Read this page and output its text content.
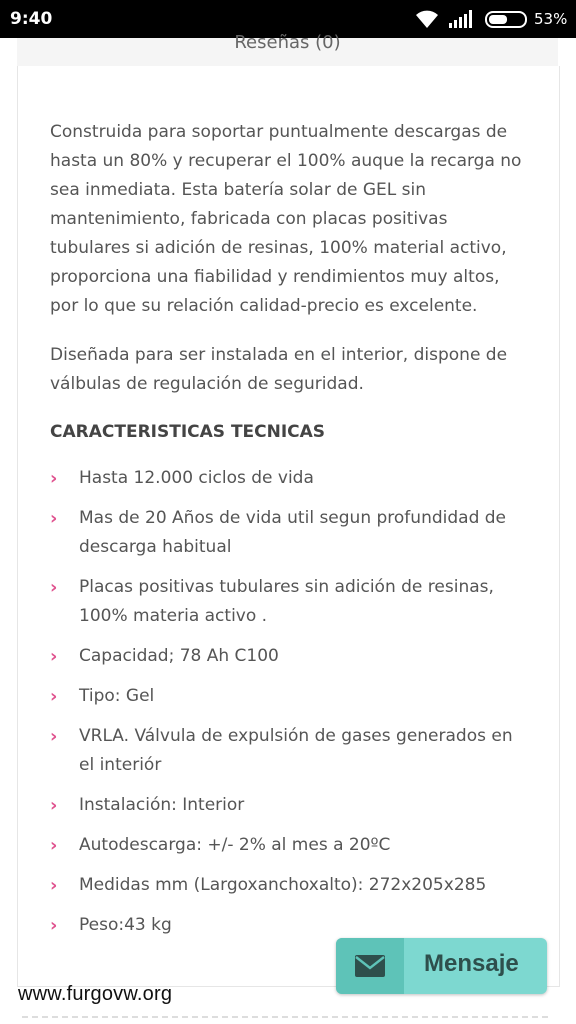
9:40	53%
Reseñas (0)

Construida para soportar puntualmente descargas de hasta un 80% y recuperar el 100% auque la recarga no sea inmediata. Esta batería solar de GEL sin mantenimiento, fabricada con placas positivas tubulares si adición de resinas, 100% material activo, proporciona una fiabilidad y rendimientos muy altos, por lo que su relación calidad-precio es excelente.

Diseñada para ser instalada en el interior, dispone de válbulas de regulación de seguridad.

CARACTERISTICAS TECNICAS

› Hasta 12.000 ciclos de vida
› Mas de 20 Años de vida util segun profundidad de descarga habitual
› Placas positivas tubulares sin adición de resinas, 100% materia activo .
› Capacidad; 78 Ah C100
› Tipo: Gel
› VRLA. Válvula de expulsión de gases generados en el interiór
› Instalación: Interior
› Autodescarga: +/- 2% al mes a 20ºC
› Medidas mm (Largoxanchoxalto): 272x205x285
› Peso:43 kg
Mensaje
www.furgovw.org
